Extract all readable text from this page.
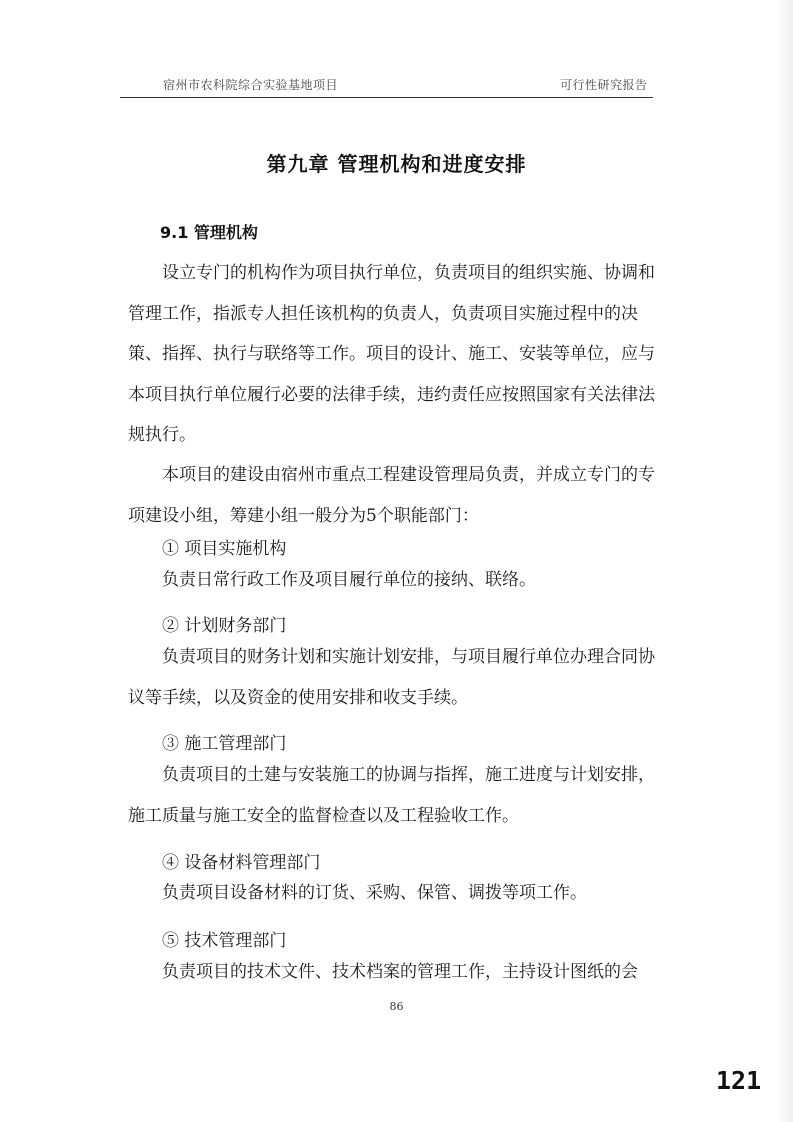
宿州市农科院综合实验基地项目	可行性研究报告
第九章 管理机构和进度安排
9.1 管理机构

设立专门的机构作为项目执行单位，负责项目的组织实施、协调和管理工作，指派专人担任该机构的负责人，负责项目实施过程中的决策、指挥、执行与联络等工作。项目的设计、施工、安装等单位，应与本项目执行单位履行必要的法律手续，违约责任应按照国家有关法律法规执行。

本项目的建设由宿州市重点工程建设管理局负责，并成立专门的专项建设小组，筹建小组一般分为5个职能部门：

① 项目实施机构

负责日常行政工作及项目履行单位的接纳、联络。

② 计划财务部门

负责项目的财务计划和实施计划安排，与项目履行单位办理合同协议等手续，以及资金的使用安排和收支手续。

③ 施工管理部门

负责项目的土建与安装施工的协调与指挥，施工进度与计划安排，施工质量与施工安全的监督检查以及工程验收工作。

④ 设备材料管理部门

负责项目设备材料的订货、采购、保管、调拨等项工作。

⑤ 技术管理部门

负责项目的技术文件、技术档案的管理工作，主持设计图纸的会

86
121
